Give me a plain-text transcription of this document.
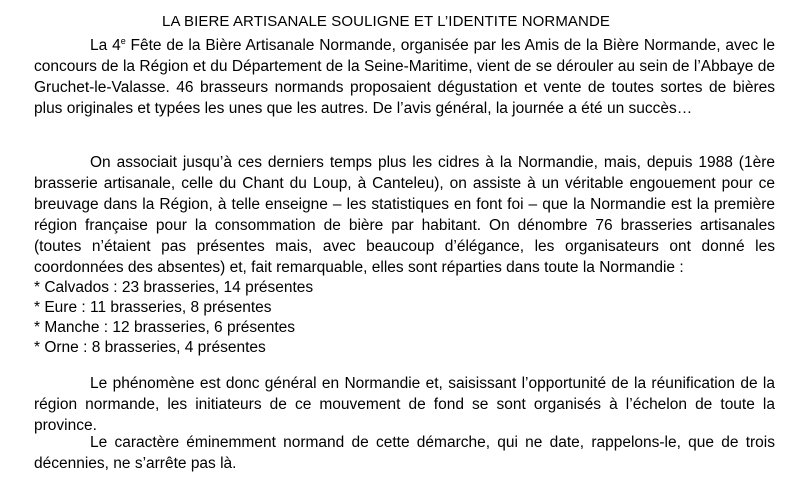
LA BIERE ARTISANALE SOULIGNE ET L’IDENTITE NORMANDE

La 4e Fête de la Bière Artisanale Normande, organisée par les Amis de la Bière Normande, avec le concours de la Région et du Département de la Seine-Maritime, vient de se dérouler au sein de l’Abbaye de Gruchet-le-Valasse. 46 brasseurs normands proposaient dégustation et vente de toutes sortes de bières plus originales et typées les unes que les autres. De l’avis général, la journée a été un succès…

On associait jusqu’à ces derniers temps plus les cidres à la Normandie, mais, depuis 1988 (1ère brasserie artisanale, celle du Chant du Loup, à Canteleu), on assiste à un véritable engouement pour ce breuvage dans la Région, à telle enseigne – les statistiques en font foi – que la Normandie est la première région française pour la consommation de bière par habitant. On dénombre 76 brasseries artisanales (toutes n’étaient pas présentes mais, avec beaucoup d’élégance, les organisateurs ont donné les coordonnées des absentes) et, fait remarquable, elles sont réparties dans toute la Normandie :

* Calvados : 23 brasseries, 14 présentes
* Eure : 11 brasseries, 8 présentes
* Manche : 12 brasseries, 6 présentes
* Orne : 8 brasseries, 4 présentes

Le phénomène est donc général en Normandie et, saisissant l’opportunité de la réunification de la région normande, les initiateurs de ce mouvement de fond se sont organisés à l’échelon de toute la province.

Le caractère éminemment normand de cette démarche, qui ne date, rappelons-le, que de trois décennies, ne s’arrête pas là.
